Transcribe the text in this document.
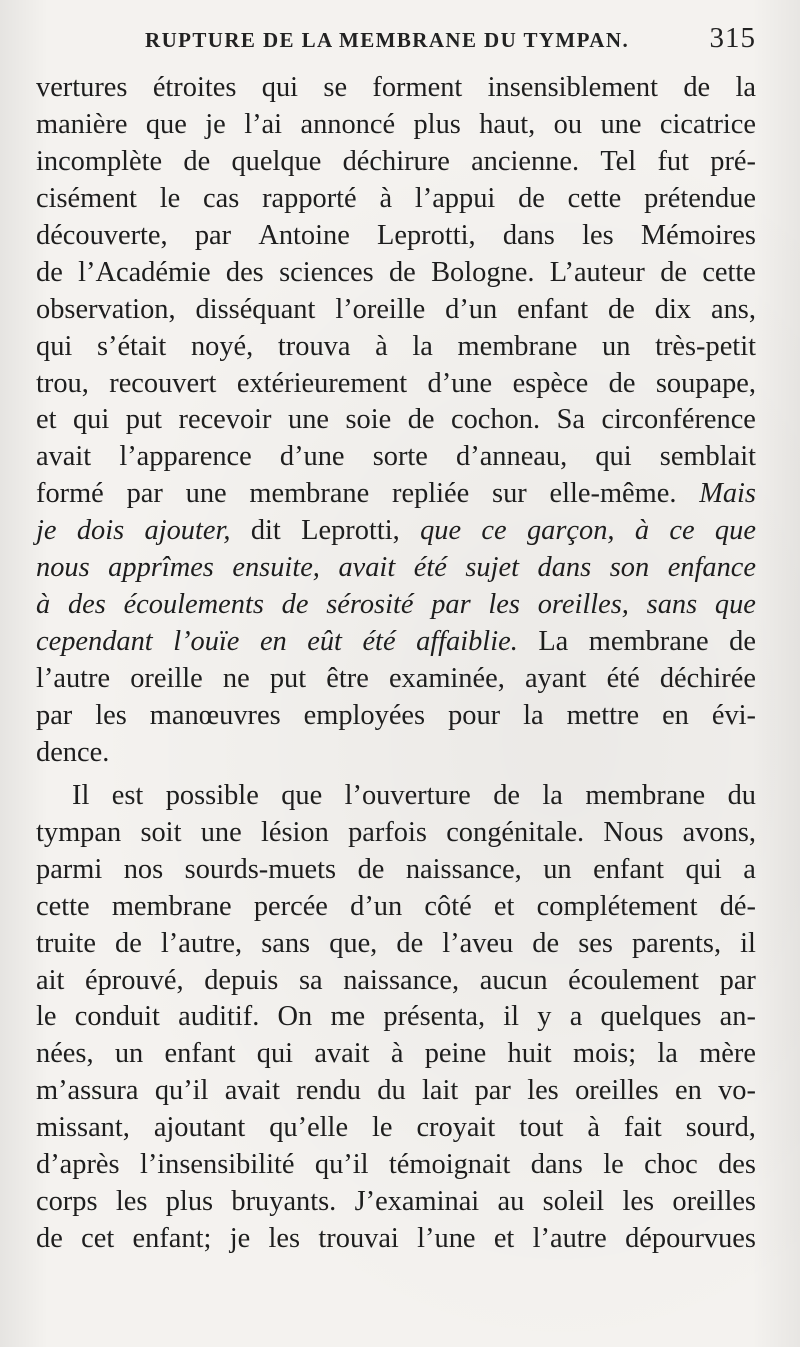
RUPTURE DE LA MEMBRANE DU TYMPAN.	315
vertures étroites qui se forment insensiblement de la
manière que je l’ai annoncé plus haut, ou une cicatrice
incomplète de quelque déchirure ancienne. Tel fut pré-
cisément le cas rapporté à l’appui de cette prétendue
découverte, par Antoine Leprotti, dans les Mémoires
de l’Académie des sciences de Bologne. L’auteur de cette
observation, disséquant l’oreille d’un enfant de dix ans,
qui s’était noyé, trouva à la membrane un très-petit
trou, recouvert extérieurement d’une espèce de soupape,
et qui put recevoir une soie de cochon. Sa circonférence
avait l’apparence d’une sorte d’anneau, qui semblait
formé par une membrane repliée sur elle-même. Mais
je dois ajouter, dit Leprotti, que ce garçon, à ce que
nous apprîmes ensuite, avait été sujet dans son enfance
à des écoulements de sérosité par les oreilles, sans que
cependant l’ouïe en eût été affaiblie. La membrane de
l’autre oreille ne put être examinée, ayant été déchirée
par les manœuvres employées pour la mettre en évi-
dence.
Il est possible que l’ouverture de la membrane du
tympan soit une lésion parfois congénitale. Nous avons,
parmi nos sourds-muets de naissance, un enfant qui a
cette membrane percée d’un côté et complétement dé-
truite de l’autre, sans que, de l’aveu de ses parents, il
ait éprouvé, depuis sa naissance, aucun écoulement par
le conduit auditif. On me présenta, il y a quelques an-
nées, un enfant qui avait à peine huit mois; la mère
m’assura qu’il avait rendu du lait par les oreilles en vo-
missant, ajoutant qu’elle le croyait tout à fait sourd,
d’après l’insensibilité qu’il témoignait dans le choc des
corps les plus bruyants. J’examinai au soleil les oreilles
de cet enfant; je les trouvai l’une et l’autre dépourvues
